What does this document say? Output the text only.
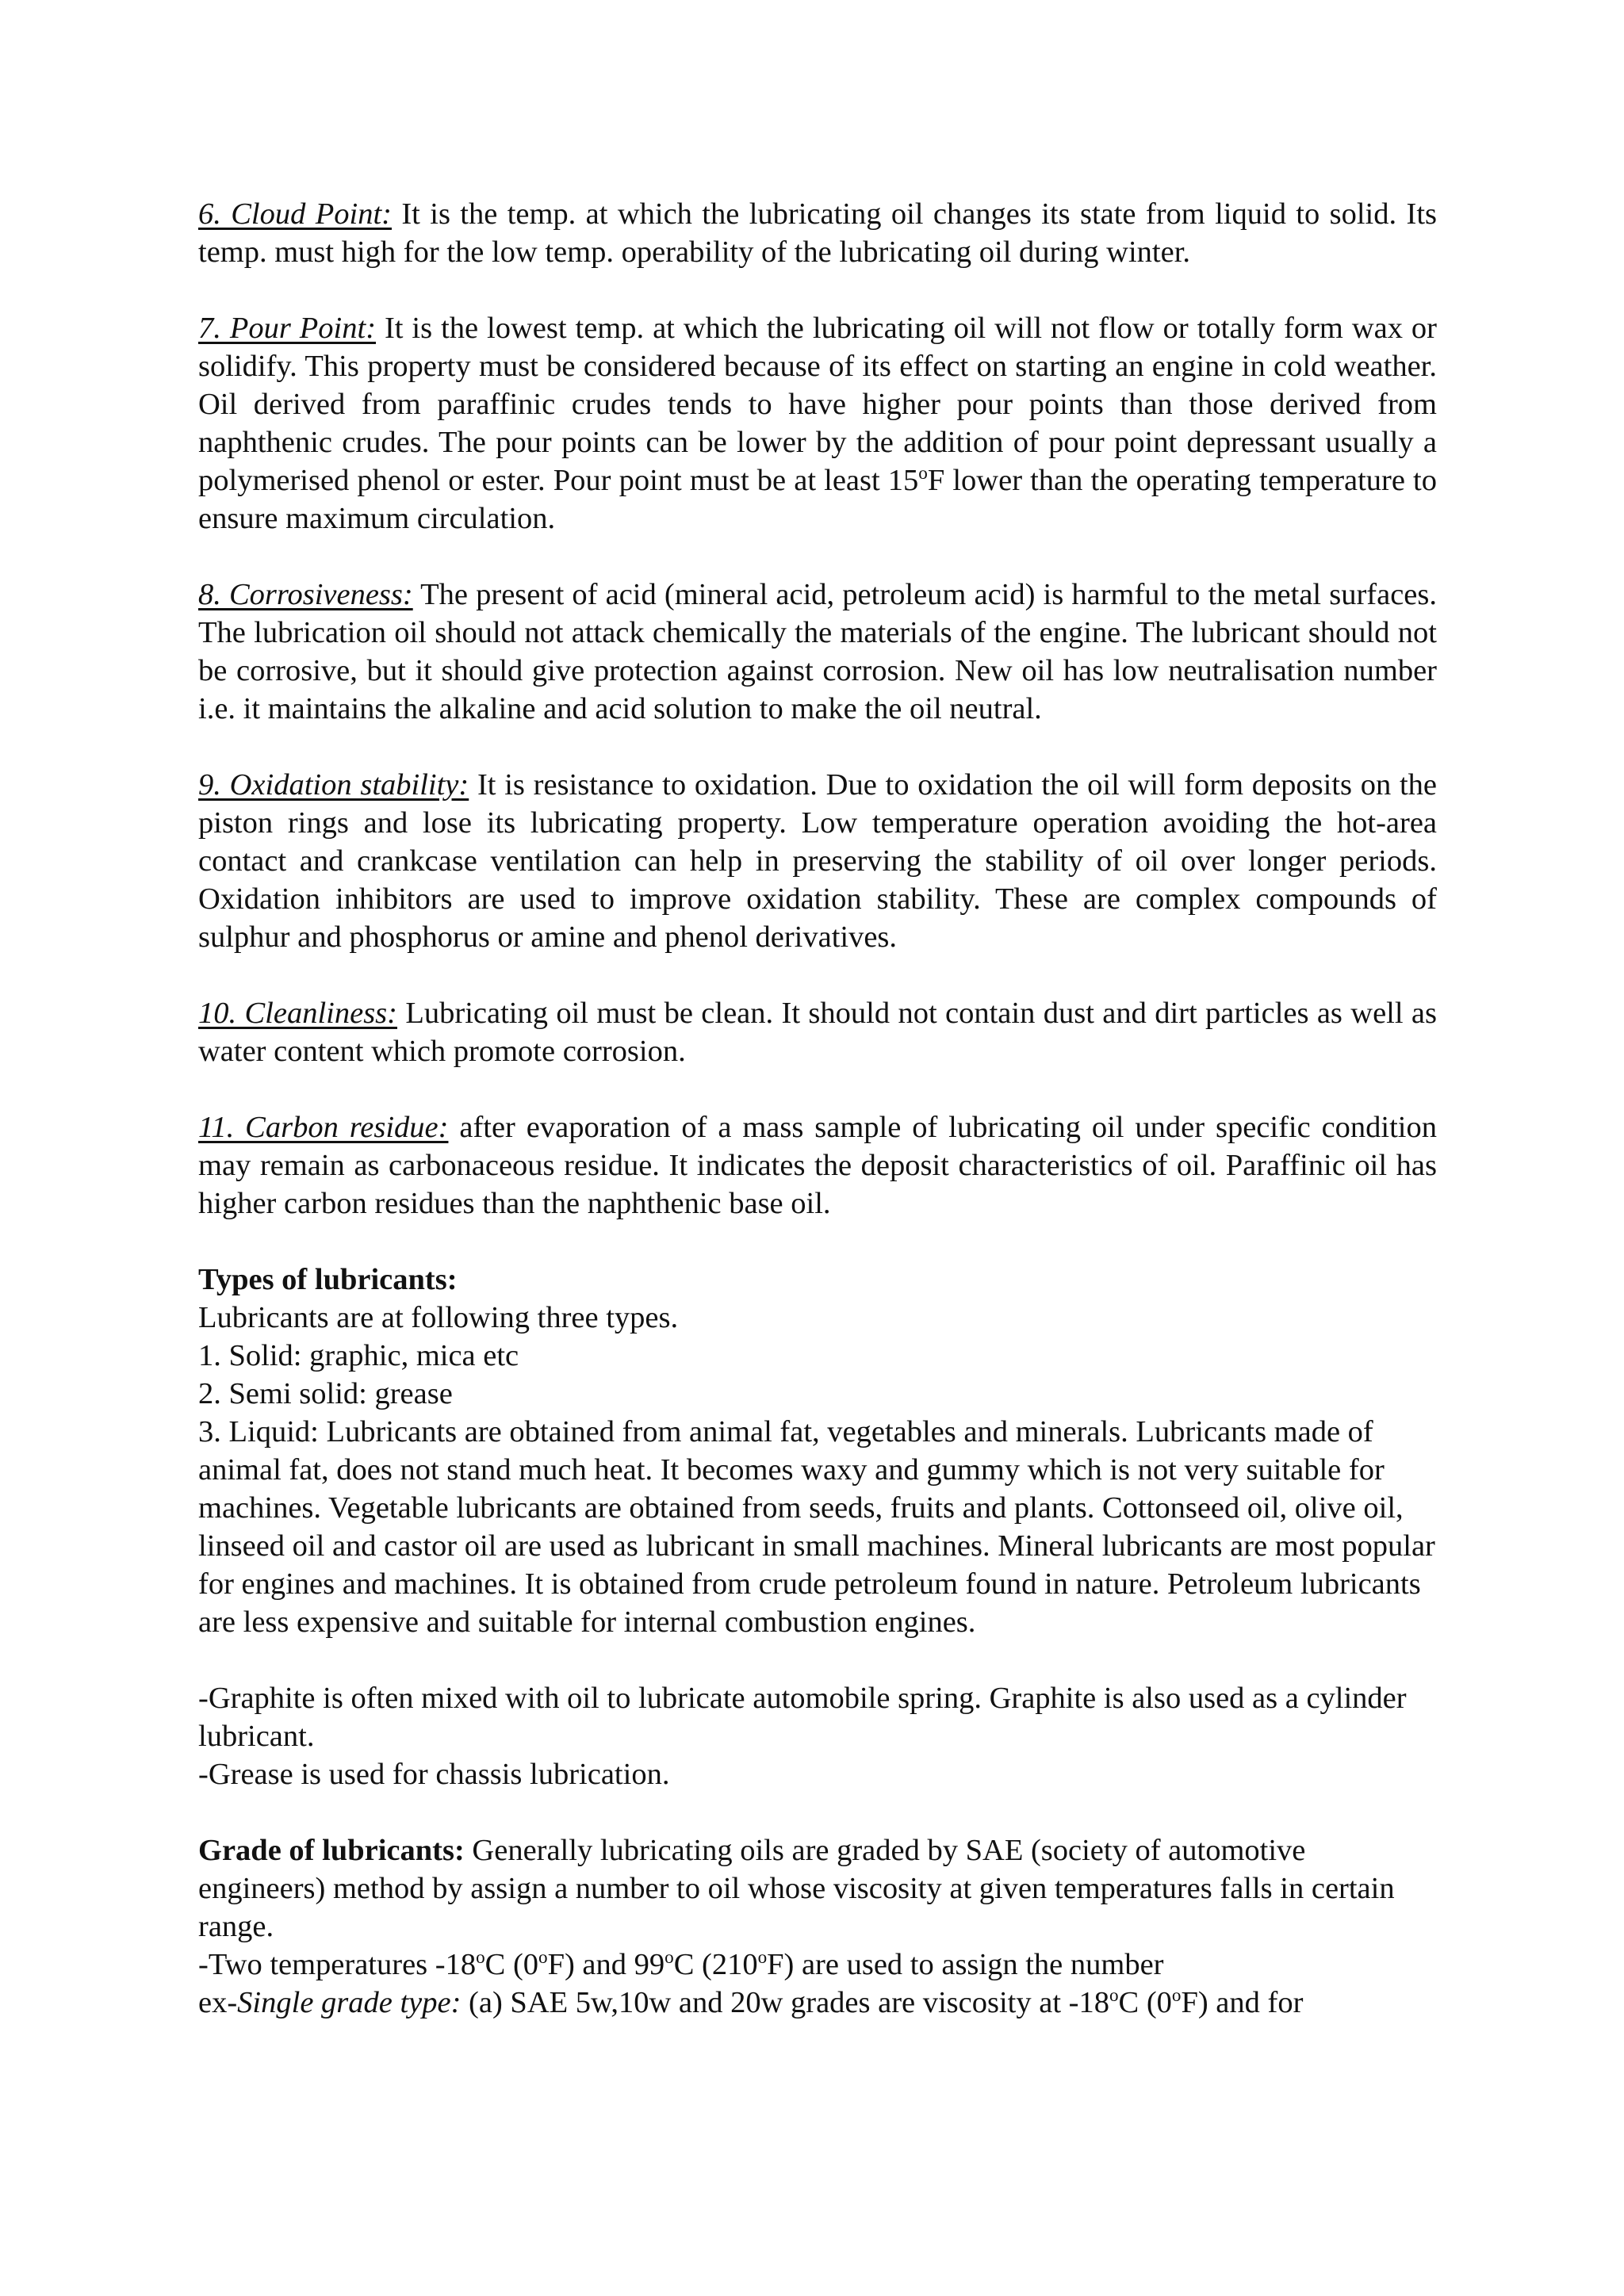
6. Cloud Point: It is the temp. at which the lubricating oil changes its state from liquid to solid. Its temp. must high for the low temp. operability of the lubricating oil during winter.

7. Pour Point: It is the lowest temp. at which the lubricating oil will not flow or totally form wax or solidify. This property must be considered because of its effect on starting an engine in cold weather. Oil derived from paraffinic crudes tends to have higher pour points than those derived from naphthenic crudes. The pour points can be lower by the addition of pour point depressant usually a polymerised phenol or ester. Pour point must be at least 15$^o$F lower than the operating temperature to ensure maximum circulation.

8. Corrosiveness: The present of acid (mineral acid, petroleum acid) is harmful to the metal surfaces. The lubrication oil should not attack chemically the materials of the engine. The lubricant should not be corrosive, but it should give protection against corrosion. New oil has low neutralisation number i.e. it maintains the alkaline and acid solution to make the oil neutral.

9. Oxidation stability: It is resistance to oxidation. Due to oxidation the oil will form deposits on the piston rings and lose its lubricating property. Low temperature operation avoiding the hot-area contact and crankcase ventilation can help in preserving the stability of oil over longer periods. Oxidation inhibitors are used to improve oxidation stability. These are complex compounds of sulphur and phosphorus or amine and phenol derivatives.

10. Cleanliness: Lubricating oil must be clean. It should not contain dust and dirt particles as well as water content which promote corrosion.

11. Carbon residue: after evaporation of a mass sample of lubricating oil under specific condition may remain as carbonaceous residue. It indicates the deposit characteristics of oil. Paraffinic oil has higher carbon residues than the naphthenic base oil.

Types of lubricants:
Lubricants are at following three types.
1. Solid: graphic, mica etc
2. Semi solid: grease
3. Liquid: Lubricants are obtained from animal fat, vegetables and minerals. Lubricants made of animal fat, does not stand much heat. It becomes waxy and gummy which is not very suitable for machines. Vegetable lubricants are obtained from seeds, fruits and plants. Cottonseed oil, olive oil, linseed oil and castor oil are used as lubricant in small machines. Mineral lubricants are most popular for engines and machines. It is obtained from crude petroleum found in nature. Petroleum lubricants are less expensive and suitable for internal combustion engines.
-Graphite is often mixed with oil to lubricate automobile spring. Graphite is also used as a cylinder lubricant.
-Grease is used for chassis lubrication.
Grade of lubricants: Generally lubricating oils are graded by SAE (society of automotive engineers) method by assign a number to oil whose viscosity at given temperatures falls in certain range.
-Two temperatures -18$^o$C (0$^o$F) and 99$^o$C (210$^o$F) are used to assign the number
ex-Single grade type: (a) SAE 5w,10w and 20w grades are viscosity at -18$^o$C (0$^o$F) and for
